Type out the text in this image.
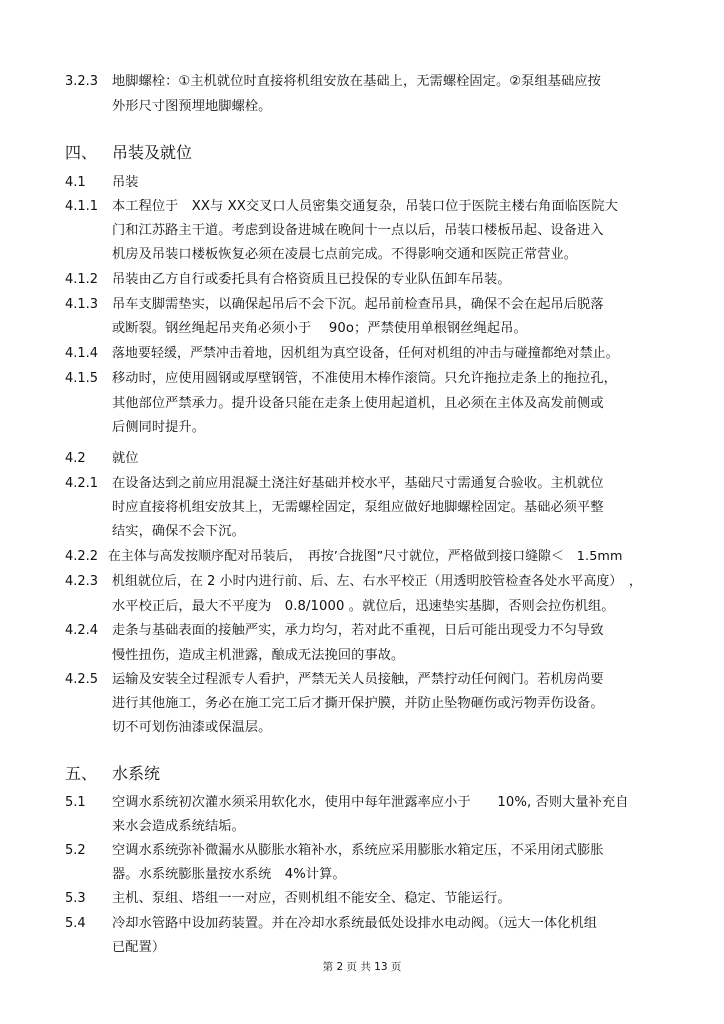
3.2.3 地脚螺栓：①主机就位时直接将机组安放在基础上，无需螺栓固定。②泵组基础应按
外形尺寸图预埋地脚螺栓。
四、 吊装及就位
4.1 吊装
4.1.1 本工程位于　XX与 XX交叉口人员密集交通复杂，吊装口位于医院主楼右角面临医院大
门和江苏路主干道。考虑到设备进城在晚间十一点以后，吊装口楼板吊起、设备进入
机房及吊装口楼板恢复必须在凌晨七点前完成。不得影响交通和医院正常营业。
4.1.2 吊装由乙方自行或委托具有合格资质且已投保的专业队伍卸车吊装。
4.1.3 吊车支脚需垫实，以确保起吊后不会下沉。起吊前检查吊具，确保不会在起吊后脱落
或断裂。钢丝绳起吊夹角必须小于　 90o；严禁使用单根钢丝绳起吊。
4.1.4 落地要轻缓，严禁冲击着地，因机组为真空设备，任何对机组的冲击与碰撞都绝对禁止。
4.1.5 移动时，应使用圆钢或厚壁钢管，不准使用木棒作滚筒。只允许拖拉走条上的拖拉孔，
其他部位严禁承力。提升设备只能在走条上使用起道机，且必须在主体及高发前侧或
后侧同时提升。
4.2 就位
4.2.1 在设备达到之前应用混凝土浇注好基础并校水平，基础尺寸需通复合验收。主机就位
时应直接将机组安放其上，无需螺栓固定，泵组应做好地脚螺栓固定。基础必须平整
结实，确保不会下沉。
4.2.2 在主体与高发按顺序配对吊装后，　再按’合拢图”尺寸就位，严格做到接口缝隙＜　1.5mm
4.2.3 机组就位后，在 2 小时内进行前、后、左、右水平校正（用透明胶管检查各处水平高度）　，
水平校正后，最大不平度为　0.8/1000 。就位后，迅速垫实基脚，否则会拉伤机组。
4.2.4 走条与基础表面的接触严实，承力均匀，若对此不重视，日后可能出现受力不匀导致
慢性扭伤，造成主机泄露，酿成无法挽回的事故。
4.2.5 运输及安装全过程派专人看护，严禁无关人员接触，严禁拧动任何阀门。若机房尚要
进行其他施工，务必在施工完工后才撕开保护膜，并防止坠物砸伤或污物弄伤设备。
切不可划伤油漆或保温层。
五、 水系统
5.1 空调水系统初次灌水须采用软化水，使用中每年泄露率应小于　　10%, 否则大量补充自
来水会造成系统结垢。
5.2 空调水系统弥补微漏水从膨胀水箱补水，系统应采用膨胀水箱定压，不采用闭式膨胀
器。水系统膨胀量按水系统　4%计算。
5.3 主机、泵组、塔组一一对应，否则机组不能安全、稳定、节能运行。
5.4 冷却水管路中设加药装置。并在冷却水系统最低处设排水电动阀。（远大一体化机组
已配置）
第 2 页 共 13 页
